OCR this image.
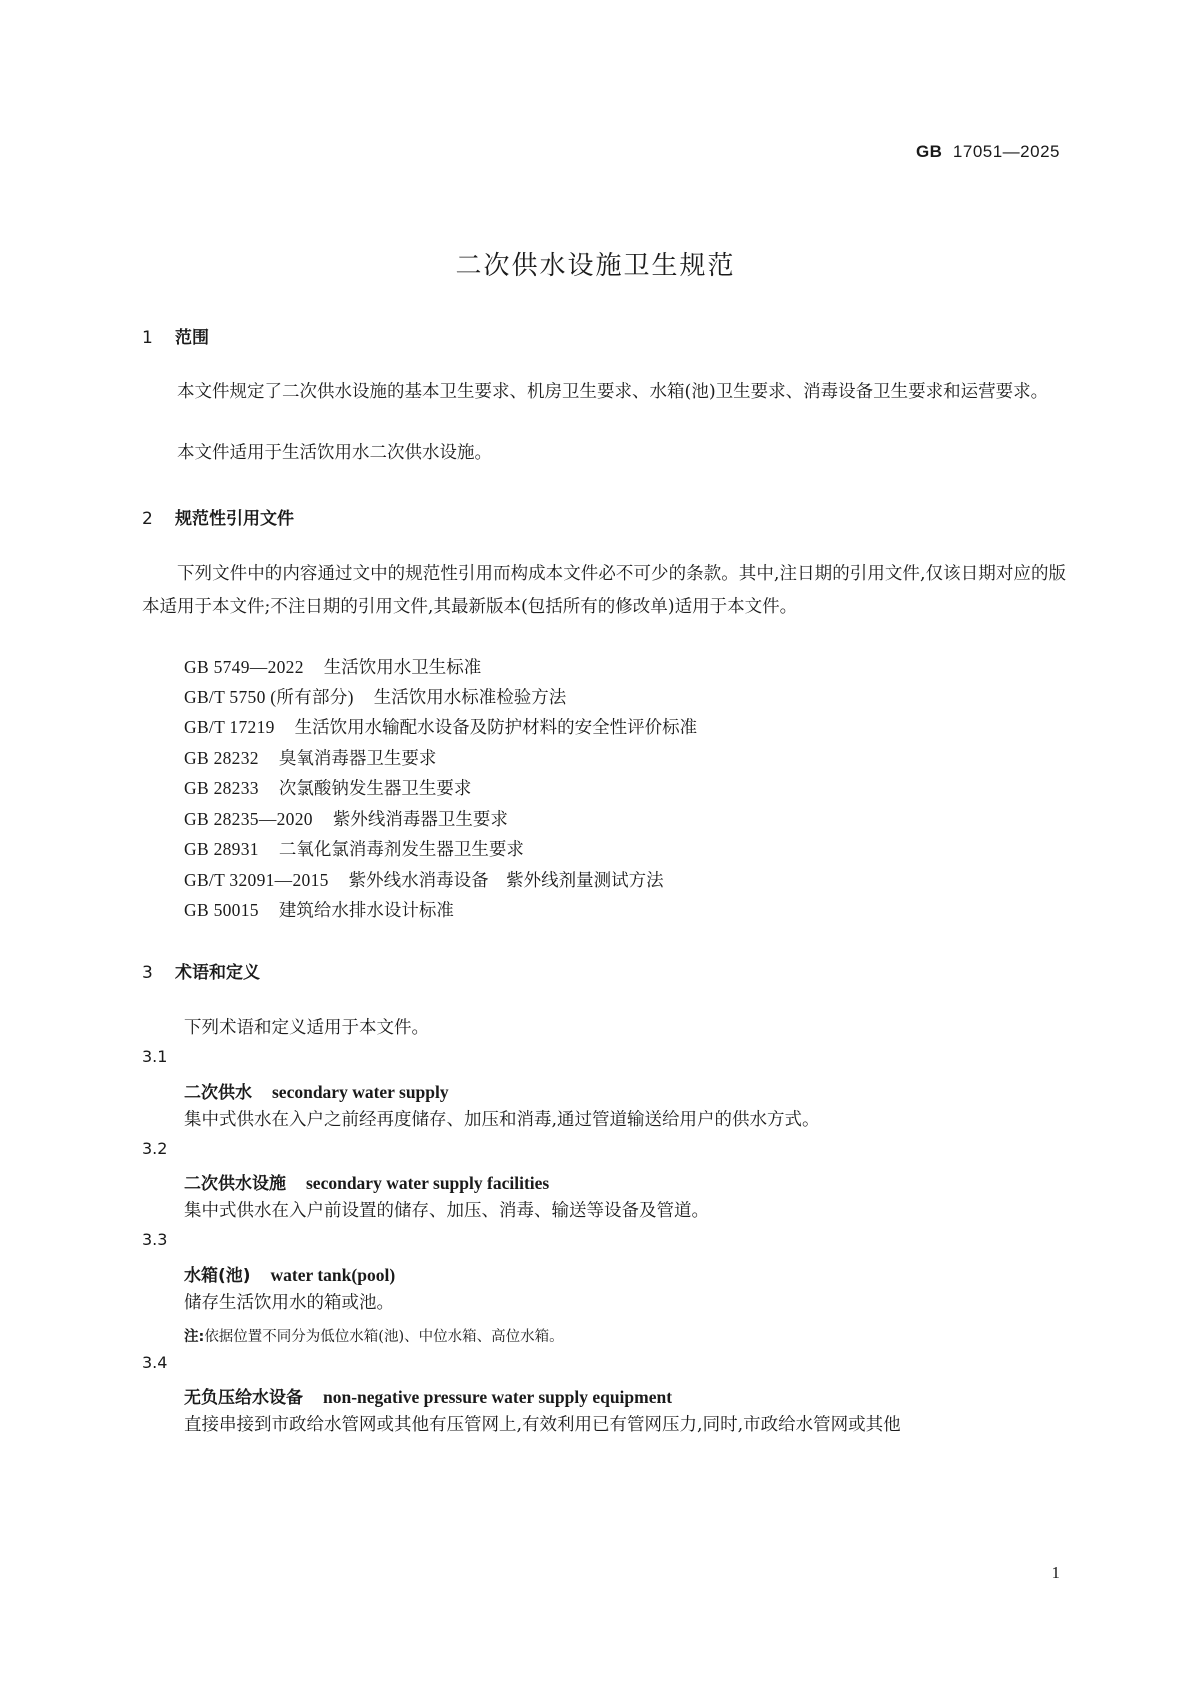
GB 17051—2025
二次供水设施卫生规范
1 范围
本文件规定了二次供水设施的基本卫生要求、机房卫生要求、水箱(池)卫生要求、消毒设备卫生要求和运营要求。
本文件适用于生活饮用水二次供水设施。
2 规范性引用文件
下列文件中的内容通过文中的规范性引用而构成本文件必不可少的条款。其中,注日期的引用文件,仅该日期对应的版本适用于本文件;不注日期的引用文件,其最新版本(包括所有的修改单)适用于本文件。
GB 5749—2022 生活饮用水卫生标准
GB/T 5750 (所有部分) 生活饮用水标准检验方法
GB/T 17219 生活饮用水输配水设备及防护材料的安全性评价标准
GB 28232 臭氧消毒器卫生要求
GB 28233 次氯酸钠发生器卫生要求
GB 28235—2020 紫外线消毒器卫生要求
GB 28931 二氧化氯消毒剂发生器卫生要求
GB/T 32091—2015 紫外线水消毒设备　紫外线剂量测试方法
GB 50015 建筑给水排水设计标准
3 术语和定义
下列术语和定义适用于本文件。
3.1
二次供水 secondary water supply
集中式供水在入户之前经再度储存、加压和消毒,通过管道输送给用户的供水方式。
3.2
二次供水设施 secondary water supply facilities
集中式供水在入户前设置的储存、加压、消毒、输送等设备及管道。
3.3
水箱(池) water tank(pool)
储存生活饮用水的箱或池。
注:依据位置不同分为低位水箱(池)、中位水箱、高位水箱。
3.4
无负压给水设备 non-negative pressure water supply equipment
直接串接到市政给水管网或其他有压管网上,有效利用已有管网压力,同时,市政给水管网或其他
1
